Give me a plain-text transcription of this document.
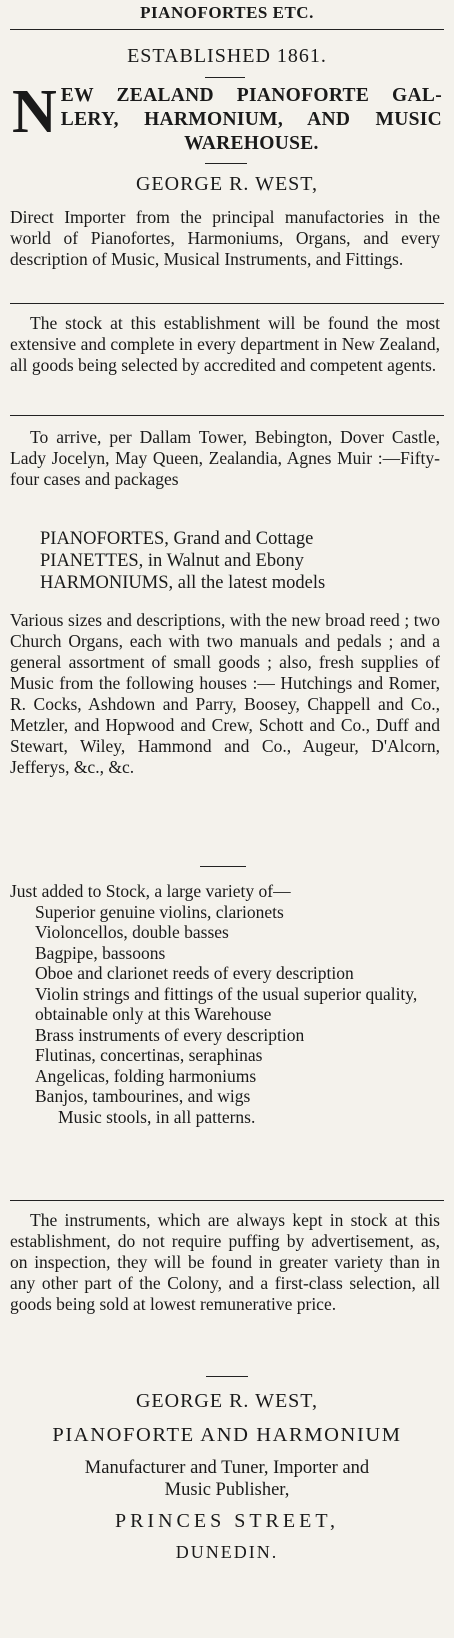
PIANOFORTES ETC.
ESTABLISHED 1861.
N EW ZEALAND PIANOFORTE GAL-
LERY, HARMONIUM, AND MUSIC
WAREHOUSE.
GEORGE R. WEST,

Direct Importer from the principal manufactories in the world of Pianofortes, Harmoniums, Organs, and every description of Music, Musical Instruments, and Fittings.

The stock at this establishment will be found the most extensive and complete in every department in New Zealand, all goods being selected by accredited and competent agents.

To arrive, per Dallam Tower, Bebington, Dover Castle, Lady Jocelyn, May Queen, Zealandia, Agnes Muir :—Fifty-four cases and packages

PIANOFORTES, Grand and Cottage
PIANETTES, in Walnut and Ebony
HARMONIUMS, all the latest models

Various sizes and descriptions, with the new broad reed ; two Church Organs, each with two manuals and pedals ; and a general assortment of small goods ; also, fresh supplies of Music from the following houses :— Hutchings and Romer, R. Cocks, Ashdown and Parry, Boosey, Chappell and Co., Metzler, and Hopwood and Crew, Schott and Co., Duff and Stewart, Wiley, Hammond and Co., Augeur, D'Alcorn, Jefferys, &c., &c.

Just added to Stock, a large variety of—
Superior genuine violins, clarionets
Violoncellos, double basses
Bagpipe, bassoons
Oboe and clarionet reeds of every description
Violin strings and fittings of the usual superior quality, obtainable only at this Warehouse
Brass instruments of every description
Flutinas, concertinas, seraphinas
Angelicas, folding harmoniums
Banjos, tambourines, and wigs
Music stools, in all patterns.

The instruments, which are always kept in stock at this establishment, do not require puffing by advertisement, as, on inspection, they will be found in greater variety than in any other part of the Colony, and a first-class selection, all goods being sold at lowest remunerative price.

GEORGE R. WEST,
PIANOFORTE AND HARMONIUM
Manufacturer and Tuner, Importer and
Music Publisher,
PRINCES STREET,
DUNEDIN.
